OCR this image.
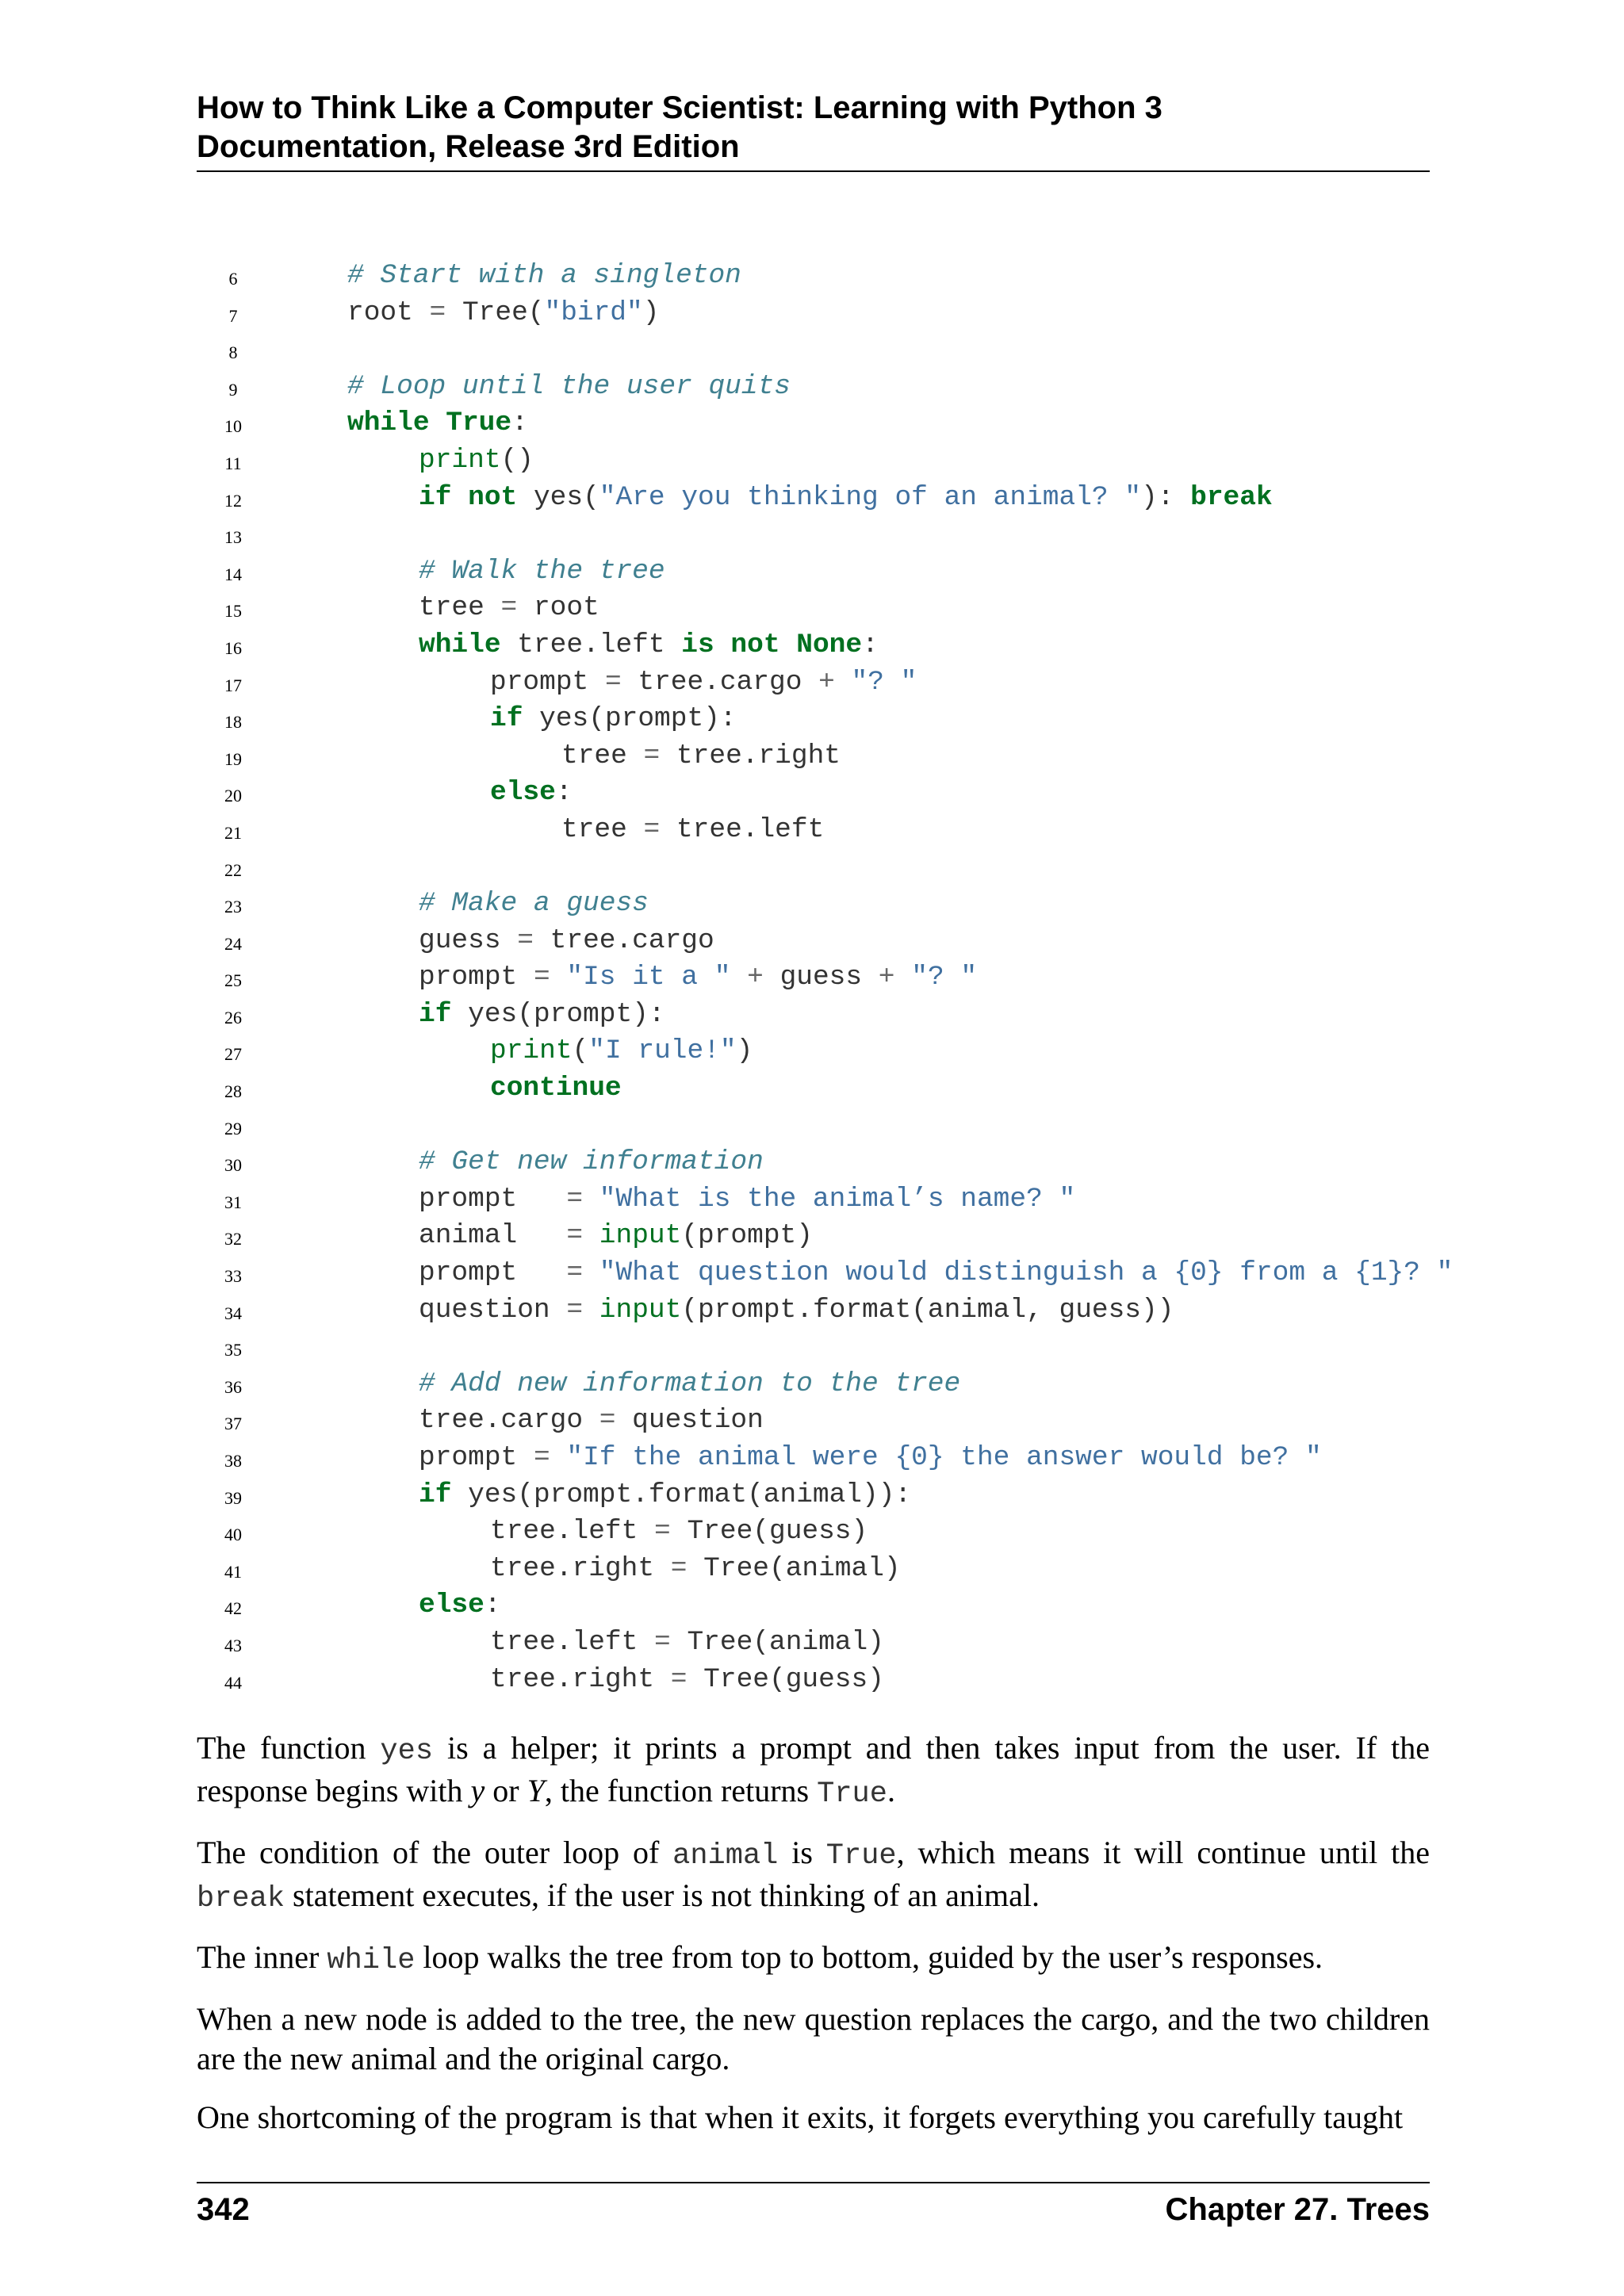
How to Think Like a Computer Scientist: Learning with Python 3
Documentation, Release 3rd Edition
6	# Start with a singleton
7	root = Tree("bird")
8
9	# Loop until the user quits
10	while True:
11	print()
12	if not yes("Are you thinking of an animal? "): break
13
14	# Walk the tree
15	tree = root
16	while tree.left is not None:
17	prompt = tree.cargo + "? "
18	if yes(prompt):
19	tree = tree.right
20	else:
21	tree = tree.left
22
23	# Make a guess
24	guess = tree.cargo
25	prompt = "Is it a " + guess + "? "
26	if yes(prompt):
27	print("I rule!")
28	continue
29
30	# Get new information
31	prompt   = "What is the animal’s name? "
32	animal   = input(prompt)
33	prompt   = "What question would distinguish a {0} from a {1}? "
34	question = input(prompt.format(animal, guess))
35
36	# Add new information to the tree
37	tree.cargo = question
38	prompt = "If the animal were {0} the answer would be? "
39	if yes(prompt.format(animal)):
40	tree.left = Tree(guess)
41	tree.right = Tree(animal)
42	else:
43	tree.left = Tree(animal)
44	tree.right = Tree(guess)

The function yes is a helper; it prints a prompt and then takes input from the user. If the response begins with y or Y, the function returns True.

The condition of the outer loop of animal is True, which means it will continue until the break statement executes, if the user is not thinking of an animal.

The inner while loop walks the tree from top to bottom, guided by the user’s responses.

When a new node is added to the tree, the new question replaces the cargo, and the two children are the new animal and the original cargo.

One shortcoming of the program is that when it exits, it forgets everything you carefully taught

342	Chapter 27. Trees
